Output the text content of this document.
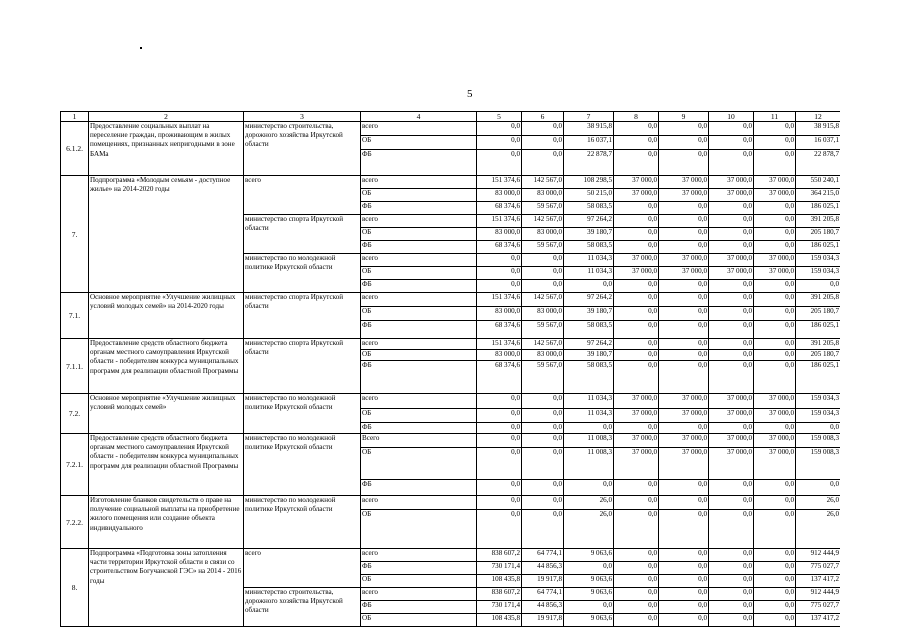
5
1	2	3	4	5	6	7	8	9	10	11	12
6.1.2.	Предоставление социальных выплат на переселение граждан, проживающим в жилых помещениях, признанных непригодными в зоне БАМа	министерство строительства, дорожного хозяйства Иркутской области	всего	0,0	0,0	38 915,8	0,0	0,0	0,0	0,0	38 915,8
			ОБ	0,0	0,0	16 037,1	0,0	0,0	0,0	0,0	16 037,1
			ФБ	0,0	0,0	22 878,7	0,0	0,0	0,0	0,0	22 878,7
7.	Подпрограмма «Молодым семьям - доступное жилье» на 2014-2020 годы	всего	всего	151 374,6	142 567,0	108 298,5	37 000,0	37 000,0	37 000,0	37 000,0	550 240,1
			ОБ	83 000,0	83 000,0	50 215,0	37 000,0	37 000,0	37 000,0	37 000,0	364 215,0
			ФБ	68 374,6	59 567,0	58 083,5	0,0	0,0	0,0	0,0	186 025,1
		министерство спорта Иркутской области	всего	151 374,6	142 567,0	97 264,2	0,0	0,0	0,0	0,0	391 205,8
			ОБ	83 000,0	83 000,0	39 180,7	0,0	0,0	0,0	0,0	205 180,7
			ФБ	68 374,6	59 567,0	58 083,5	0,0	0,0	0,0	0,0	186 025,1
		министерство по молодежной политике Иркутской области	всего	0,0	0,0	11 034,3	37 000,0	37 000,0	37 000,0	37 000,0	159 034,3
			ОБ	0,0	0,0	11 034,3	37 000,0	37 000,0	37 000,0	37 000,0	159 034,3
			ФБ	0,0	0,0	0,0	0,0	0,0	0,0	0,0	0,0
7.1.	Основное мероприятие «Улучшение жилищных условий молодых семей» на 2014-2020 годы	министерство спорта Иркутской области	всего	151 374,6	142 567,0	97 264,2	0,0	0,0	0,0	0,0	391 205,8
			ОБ	83 000,0	83 000,0	39 180,7	0,0	0,0	0,0	0,0	205 180,7
			ФБ	68 374,6	59 567,0	58 083,5	0,0	0,0	0,0	0,0	186 025,1
7.1.1.	Предоставление средств областного бюджета органам местного самоуправления Иркутской области - победителям конкурса муниципальных программ для реализации областной Программы	министерство спорта Иркутской области	всего	151 374,6	142 567,0	97 264,2	0,0	0,0	0,0	0,0	391 205,8
			ОБ	83 000,0	83 000,0	39 180,7	0,0	0,0	0,0	0,0	205 180,7
			ФБ	68 374,6	59 567,0	58 083,5	0,0	0,0	0,0	0,0	186 025,1
7.2.	Основное мероприятие «Улучшение жилищных условий молодых семей»	министерство по молодежной политике Иркутской области	всего	0,0	0,0	11 034,3	37 000,0	37 000,0	37 000,0	37 000,0	159 034,3
			ОБ	0,0	0,0	11 034,3	37 000,0	37 000,0	37 000,0	37 000,0	159 034,3
			ФБ	0,0	0,0	0,0	0,0	0,0	0,0	0,0	0,0
7.2.1.	Предоставление средств областного бюджета органам местного самоуправления Иркутской области - победителям конкурса муниципальных программ для реализации областной Программы	министерство по молодежной политике Иркутской области	Всего	0,0	0,0	11 008,3	37 000,0	37 000,0	37 000,0	37 000,0	159 008,3
			ОБ	0,0	0,0	11 008,3	37 000,0	37 000,0	37 000,0	37 000,0	159 008,3
			ФБ	0,0	0,0	0,0	0,0	0,0	0,0	0,0	0,0
7.2.2.	Изготовление бланков свидетельств о праве на получение социальной выплаты на приобретение жилого помещения или создание объекта индивидуального	министерство по молодежной политике Иркутской области	всего	0,0	0,0	26,0	0,0	0,0	0,0	0,0	26,0
			ОБ	0,0	0,0	26,0	0,0	0,0	0,0	0,0	26,0
8.	Подпрограмма «Подготовка зоны затопления части территории Иркутской области в связи со строительством Богучанской ГЭС» на 2014 - 2016 годы	всего	всего	838 607,2	64 774,1	9 063,6	0,0	0,0	0,0	0,0	912 444,9
			ФБ	730 171,4	44 856,3	0,0	0,0	0,0	0,0	0,0	775 027,7
			ОБ	108 435,8	19 917,8	9 063,6	0,0	0,0	0,0	0,0	137 417,2
		министерство строительства, дорожного хозяйства Иркутской области	всего	838 607,2	64 774,1	9 063,6	0,0	0,0	0,0	0,0	912 444,9
			ФБ	730 171,4	44 856,3	0,0	0,0	0,0	0,0	0,0	775 027,7
			ОБ	108 435,8	19 917,8	9 063,6	0,0	0,0	0,0	0,0	137 417,2
